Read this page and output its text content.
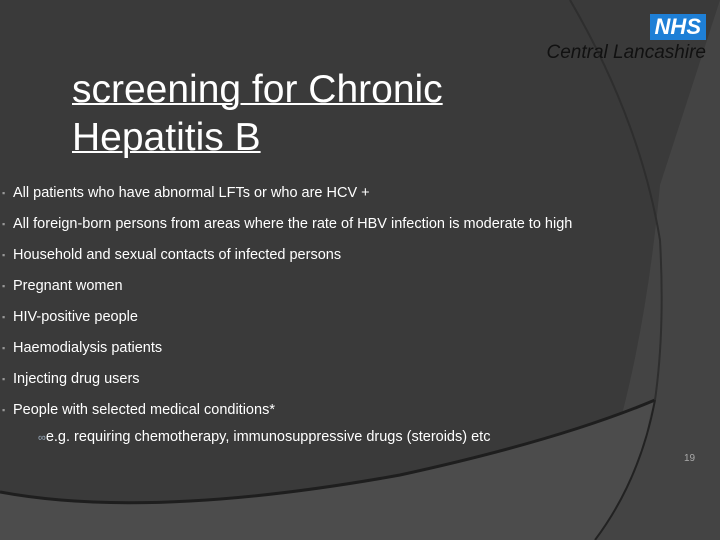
NHS
Central Lancashire
screening for Chronic
Hepatitis B
▪ All patients who have abnormal LFTs or who are HCV +
▪ All foreign-born persons from areas where the rate of HBV infection is moderate to high
▪ Household and sexual contacts of infected persons
▪ Pregnant women
▪ HIV-positive people
▪ Haemodialysis patients
▪ Injecting drug users
▪ People with selected medical conditions*
∞e.g. requiring chemotherapy, immunosuppressive drugs (steroids) etc
19
